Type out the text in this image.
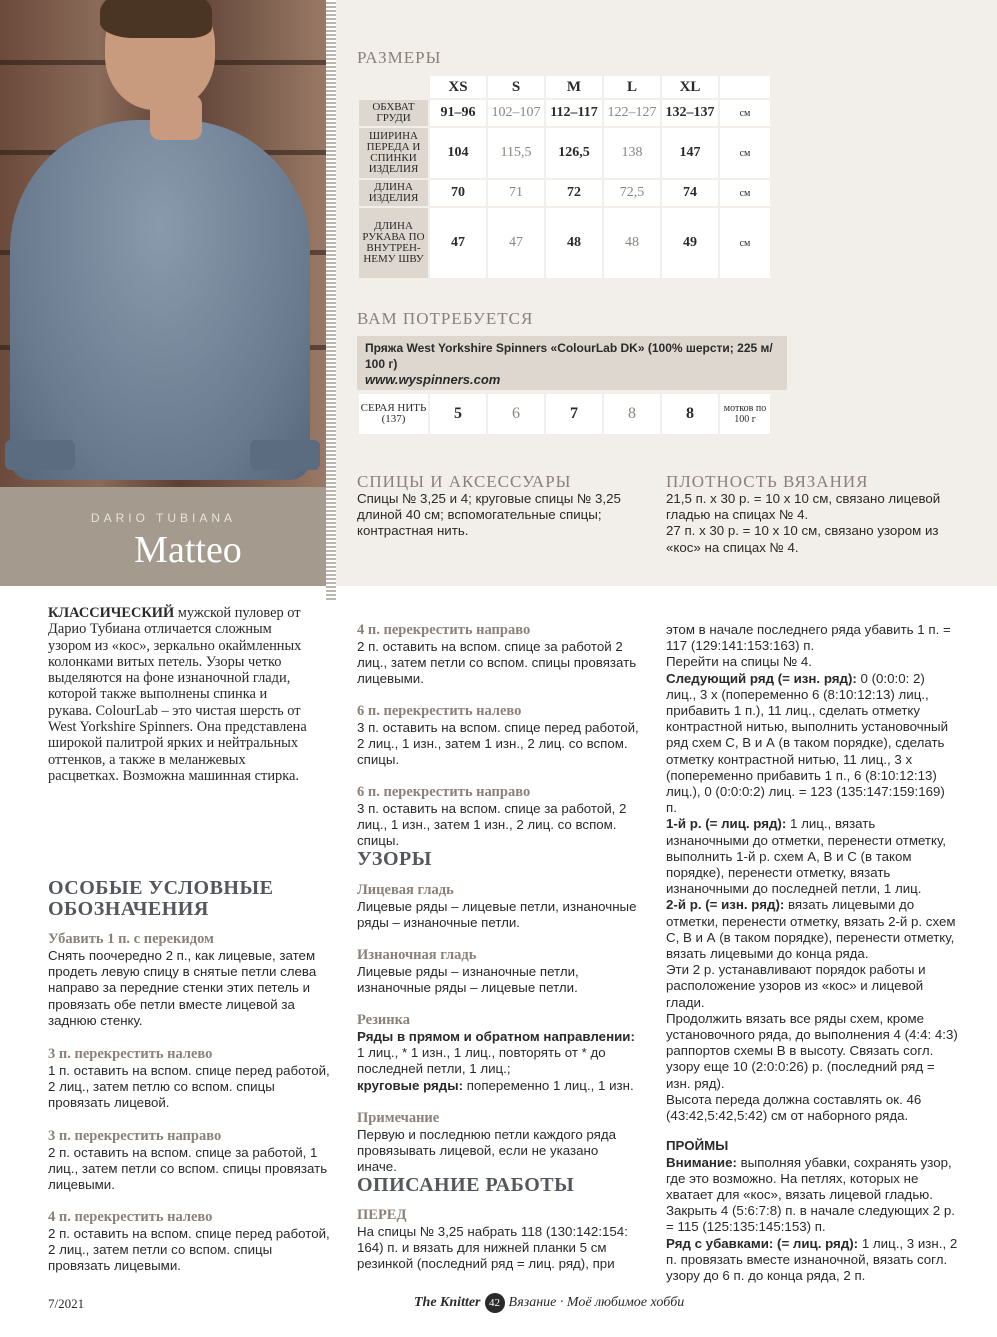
DARIO TUBIANA
Matteo
РАЗМЕРЫ
	XS	S	M	L	XL	
ОБХВАТ ГРУДИ	91–96	102–107	112–117	122–127	132–137	см
ШИРИНА ПЕРЕДА И СПИНКИ ИЗДЕЛИЯ	104	115,5	126,5	138	147	см
ДЛИНА ИЗДЕЛИЯ	70	71	72	72,5	74	см
ДЛИНА РУКАВА ПО ВНУТРЕН-НЕМУ ШВУ	47	47	48	48	49	см
ВАМ ПОТРЕБУЕТСЯ
Пряжа West Yorkshire Spinners «ColourLab DK» (100% шерсти; 225 м/ 100 г)
www.wyspinners.com
СЕРАЯ НИТЬ (137)	5	6	7	8	8	мотков по 100 г
СПИЦЫ И АКСЕССУАРЫ
Спицы № 3,25 и 4; круговые спицы № 3,25 длиной 40 см; вспомогательные спицы; контрастная нить.
ПЛОТНОСТЬ ВЯЗАНИЯ
21,5 п. х 30 р. = 10 х 10 см, связано лицевой гладью на спицах № 4.
27 п. х 30 р. = 10 х 10 см, связано узором из «кос» на спицах № 4.
КЛАССИЧЕСКИЙ мужской пуловер от Дарио Тубиана отличается сложным узором из «кос», зеркально окаймленных колонками витых петель. Узоры четко выделяются на фоне изнаночной глади, которой также выполнены спинка и рукава. ColourLab – это чистая шерсть от West Yorkshire Spinners. Она представлена широкой палитрой ярких и нейтральных оттенков, а также в меланжевых расцветках. Возможна машинная стирка.
ОСОБЫЕ УСЛОВНЫЕ ОБОЗНАЧЕНИЯ
Убавить 1 п. с перекидом
Снять поочередно 2 п., как лицевые, затем продеть левую спицу в снятые петли слева направо за передние стенки этих петель и провязать обе петли вместе лицевой за заднюю стенку.
3 п. перекрестить налево
1 п. оставить на вспом. спице перед работой, 2 лиц., затем петлю со вспом. спицы провязать лицевой.
3 п. перекрестить направо
2 п. оставить на вспом. спице за работой, 1 лиц., затем петли со вспом. спицы провязать лицевыми.
4 п. перекрестить налево
2 п. оставить на вспом. спице перед работой, 2 лиц., затем петли со вспом. спицы провязать лицевыми.
4 п. перекрестить направо
2 п. оставить на вспом. спице за работой 2 лиц., затем петли со вспом. спицы провязать лицевыми.
6 п. перекрестить налево
3 п. оставить на вспом. спице перед работой, 2 лиц., 1 изн., затем 1 изн., 2 лиц. со вспом. спицы.
6 п. перекрестить направо
3 п. оставить на вспом. спице за работой, 2 лиц., 1 изн., затем 1 изн., 2 лиц. со вспом. спицы.
УЗОРЫ
Лицевая гладь
Лицевые ряды – лицевые петли, изнаночные ряды – изнаночные петли.
Изнаночная гладь
Лицевые ряды – изнаночные петли, изнаночные ряды – лицевые петли.
Резинка
Ряды в прямом и обратном направлении: 1 лиц., * 1 изн., 1 лиц., повторять от * до последней петли, 1 лиц.;
круговые ряды: попеременно 1 лиц., 1 изн.
Примечание
Первую и последнюю петли каждого ряда провязывать лицевой, если не указано иначе.
ОПИСАНИЕ РАБОТЫ
ПЕРЕД
На спицы № 3,25 набрать 118 (130:142:154: 164) п. и вязать для нижней планки 5 см резинкой (последний ряд = лиц. ряд), при
этом в начале последнего ряда убавить 1 п. = 117 (129:141:153:163) п.
Перейти на спицы № 4.
Следующий ряд (= изн. ряд): 0 (0:0:0: 2) лиц., 3 х (попеременно 6 (8:10:12:13) лиц., прибавить 1 п.), 11 лиц., сделать отметку контрастной нитью, выполнить установочный ряд схем С, В и А (в таком порядке), сделать отметку контрастной нитью, 11 лиц., 3 х (попеременно прибавить 1 п., 6 (8:10:12:13) лиц.), 0 (0:0:0:2) лиц. = 123 (135:147:159:169) п.
1-й р. (= лиц. ряд): 1 лиц., вязать изнаночными до отметки, перенести отметку, выполнить 1-й р. схем А, В и С (в таком порядке), перенести отметку, вязать изнаночными до последней петли, 1 лиц.
2-й р. (= изн. ряд): вязать лицевыми до отметки, перенести отметку, вязать 2-й р. схем С, В и А (в таком порядке), перенести отметку, вязать лицевыми до конца ряда.
Эти 2 р. устанавливают порядок работы и расположение узоров из «кос» и лицевой глади.
Продолжить вязать все ряды схем, кроме установочного ряда, до выполнения 4 (4:4: 4:3) раппортов схемы В в высоту. Связать согл. узору еще 10 (2:0:0:26) р. (последний ряд = изн. ряд).
Высота переда должна составлять ок. 46 (43:42,5:42,5:42) см от наборного ряда.
ПРОЙМЫ
Внимание: выполняя убавки, сохранять узор, где это возможно. На петлях, которых не хватает для «кос», вязать лицевой гладью.
Закрыть 4 (5:6:7:8) п. в начале следующих 2 р. = 115 (125:135:145:153) п.
Ряд с убавками: (= лиц. ряд): 1 лиц., 3 изн., 2 п. провязать вместе изнаночной, вязать согл. узору до 6 п. до конца ряда, 2 п.
7/2021	The Knitter 42 Вязание · Моё любимое хобби
